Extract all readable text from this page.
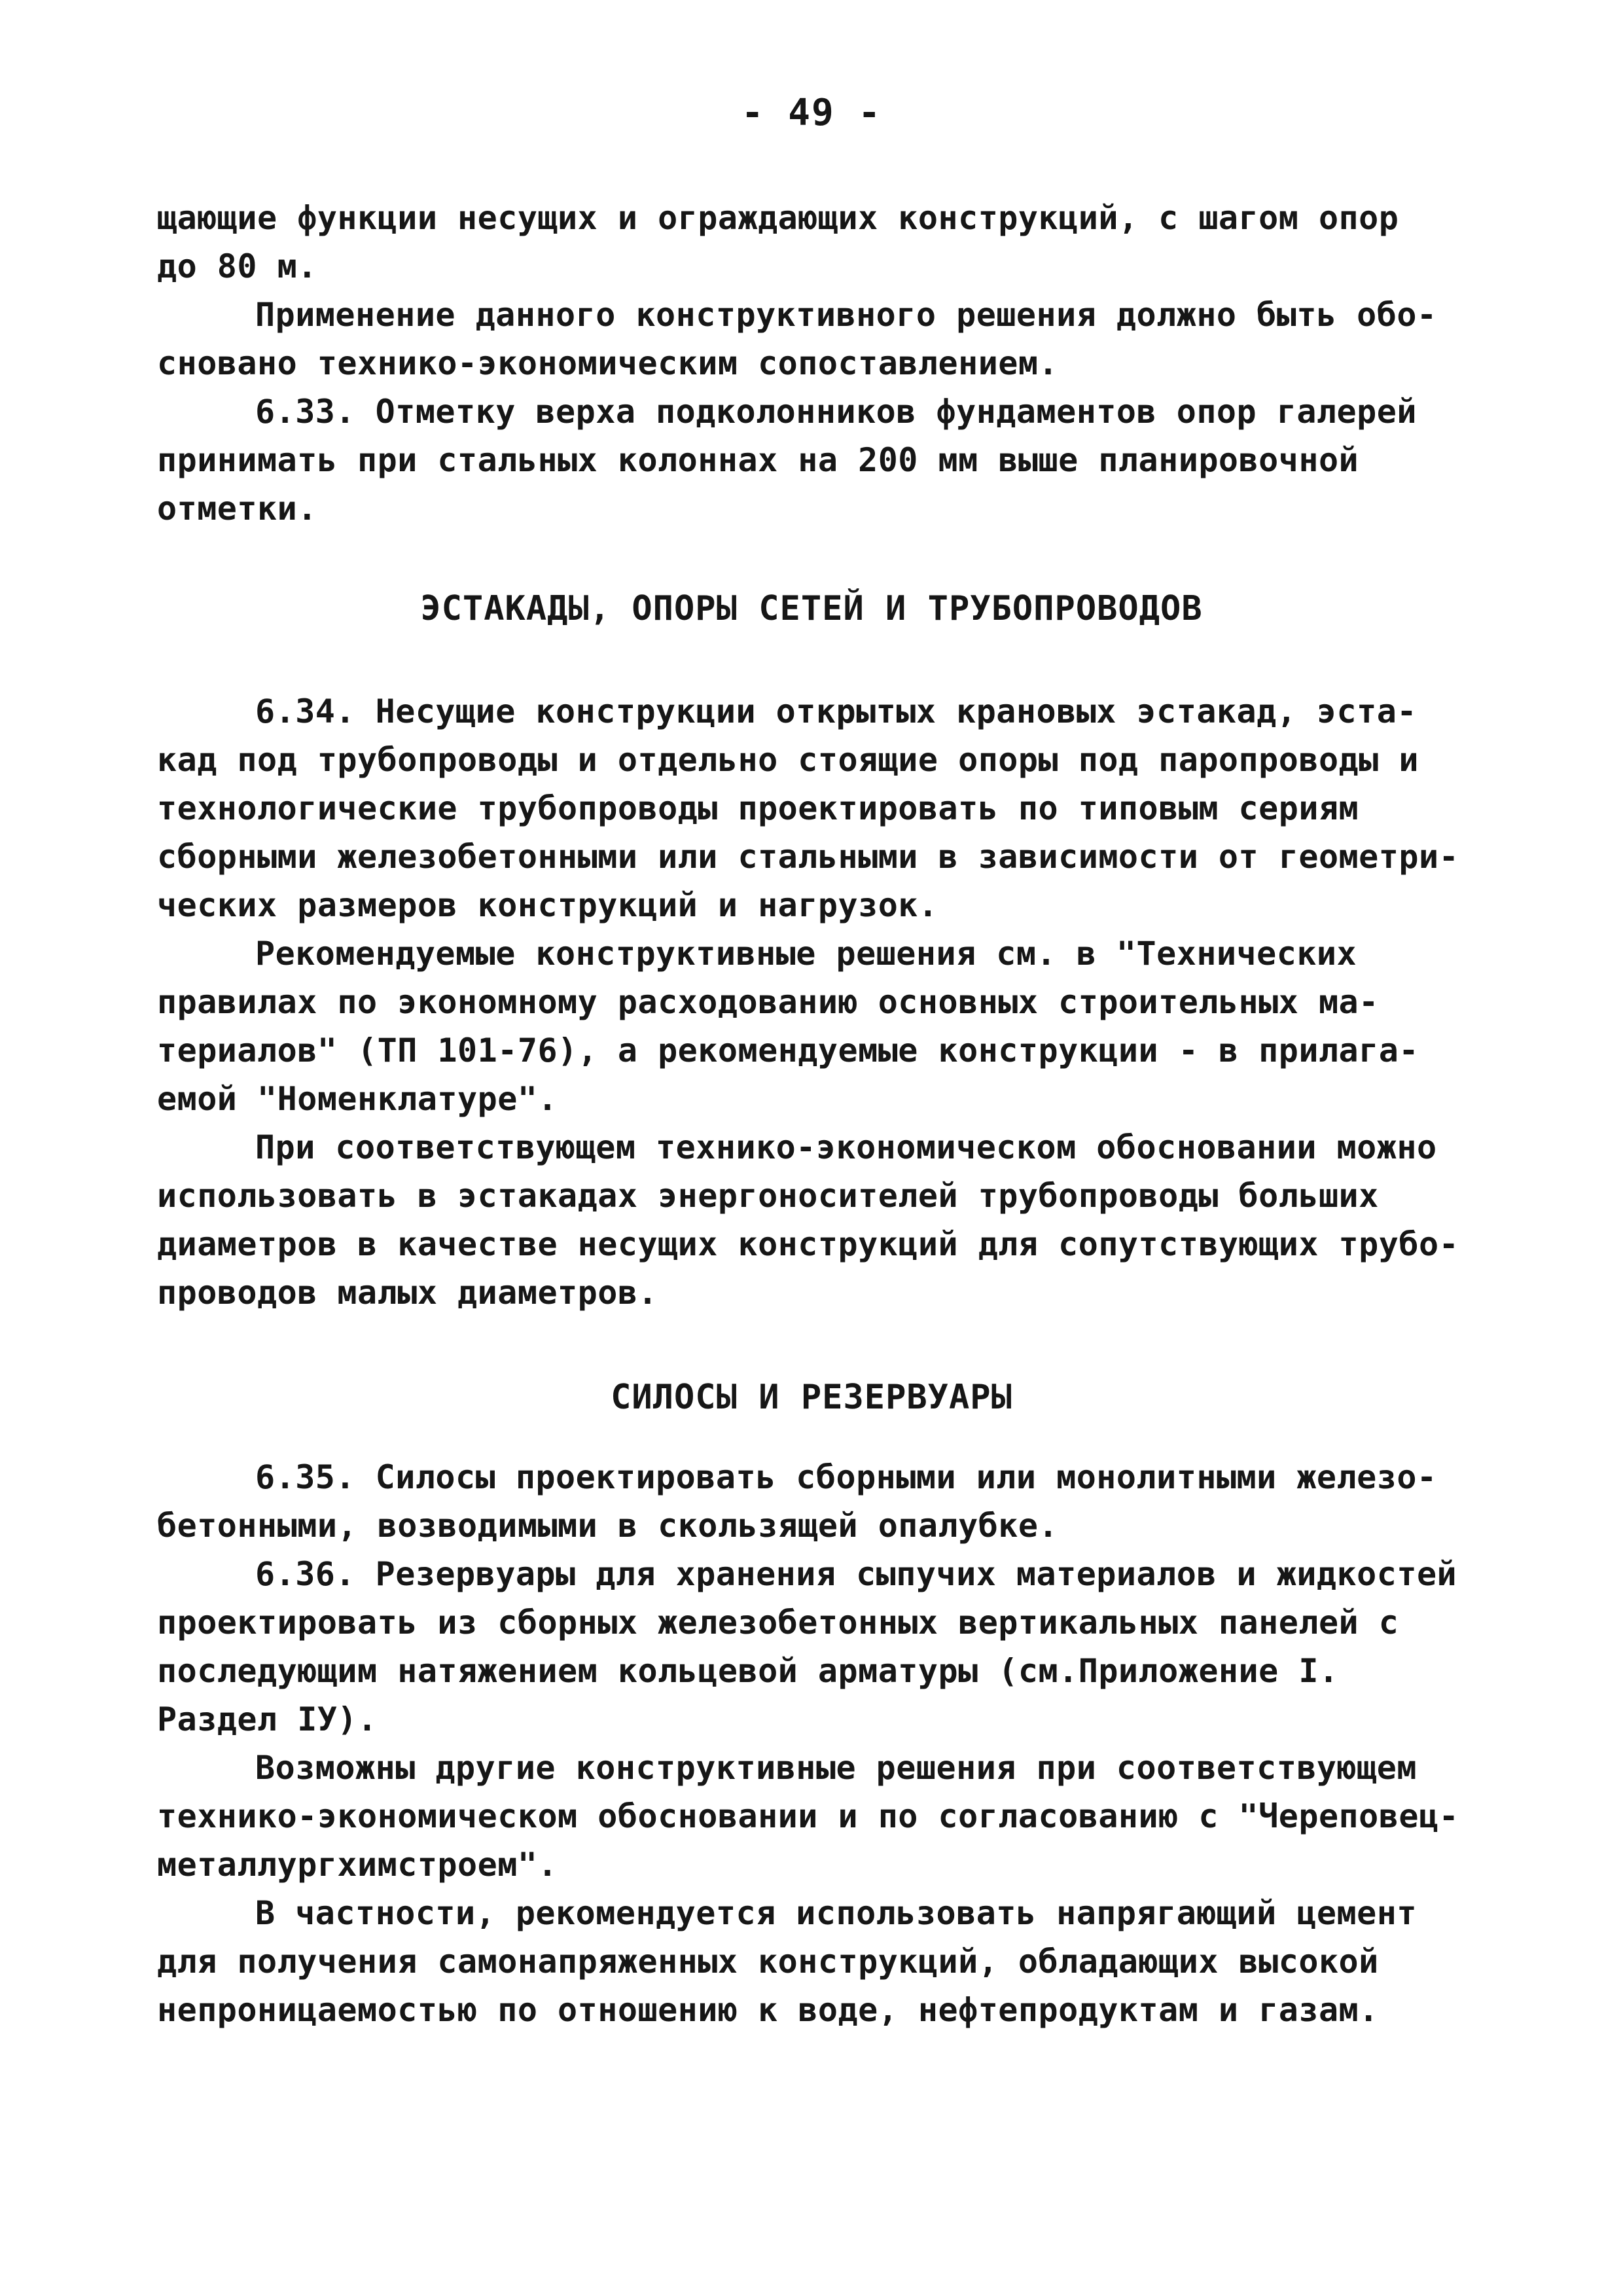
- 49 -
щающие функции несущих и ограждающих конструкций, с шагом опор
до 80 м.
Применение данного конструктивного решения должно быть обо-
сновано технико-экономическим сопоставлением.
6.33. Отметку верха подколонников фундаментов опор галерей
принимать при стальных колоннах на 200 мм выше планировочной
отметки.
ЭСТАКАДЫ, ОПОРЫ СЕТЕЙ И ТРУБОПРОВОДОВ
6.34. Несущие конструкции открытых крановых эстакад, эста-
кад под трубопроводы и отдельно стоящие опоры под паропроводы и
технологические трубопроводы проектировать по типовым сериям
сборными железобетонными или стальными в зависимости от геометри-
ческих размеров конструкций и нагрузок.
Рекомендуемые конструктивные решения см. в "Технических
правилах по экономному расходованию основных строительных ма-
териалов" (ТП 101-76), а рекомендуемые конструкции - в прилага-
емой "Номенклатуре".
При соответствующем технико-экономическом обосновании можно
использовать в эстакадах энергоносителей трубопроводы больших
диаметров в качестве несущих конструкций для сопутствующих трубо-
проводов малых диаметров.
СИЛОСЫ И РЕЗЕРВУАРЫ
6.35. Силосы проектировать сборными или монолитными железо-
бетонными, возводимыми в скользящей опалубке.
6.36. Резервуары для хранения сыпучих материалов и жидкостей
проектировать из сборных железобетонных вертикальных панелей с
последующим натяжением кольцевой арматуры (см.Приложение I.
Раздел IУ).
Возможны другие конструктивные решения при соответствующем
технико-экономическом обосновании и по согласованию с "Череповец-
металлургхимстроем".
В частности, рекомендуется использовать напрягающий цемент
для получения самонапряженных конструкций, обладающих высокой
непроницаемостью по отношению к воде, нефтепродуктам и газам.
